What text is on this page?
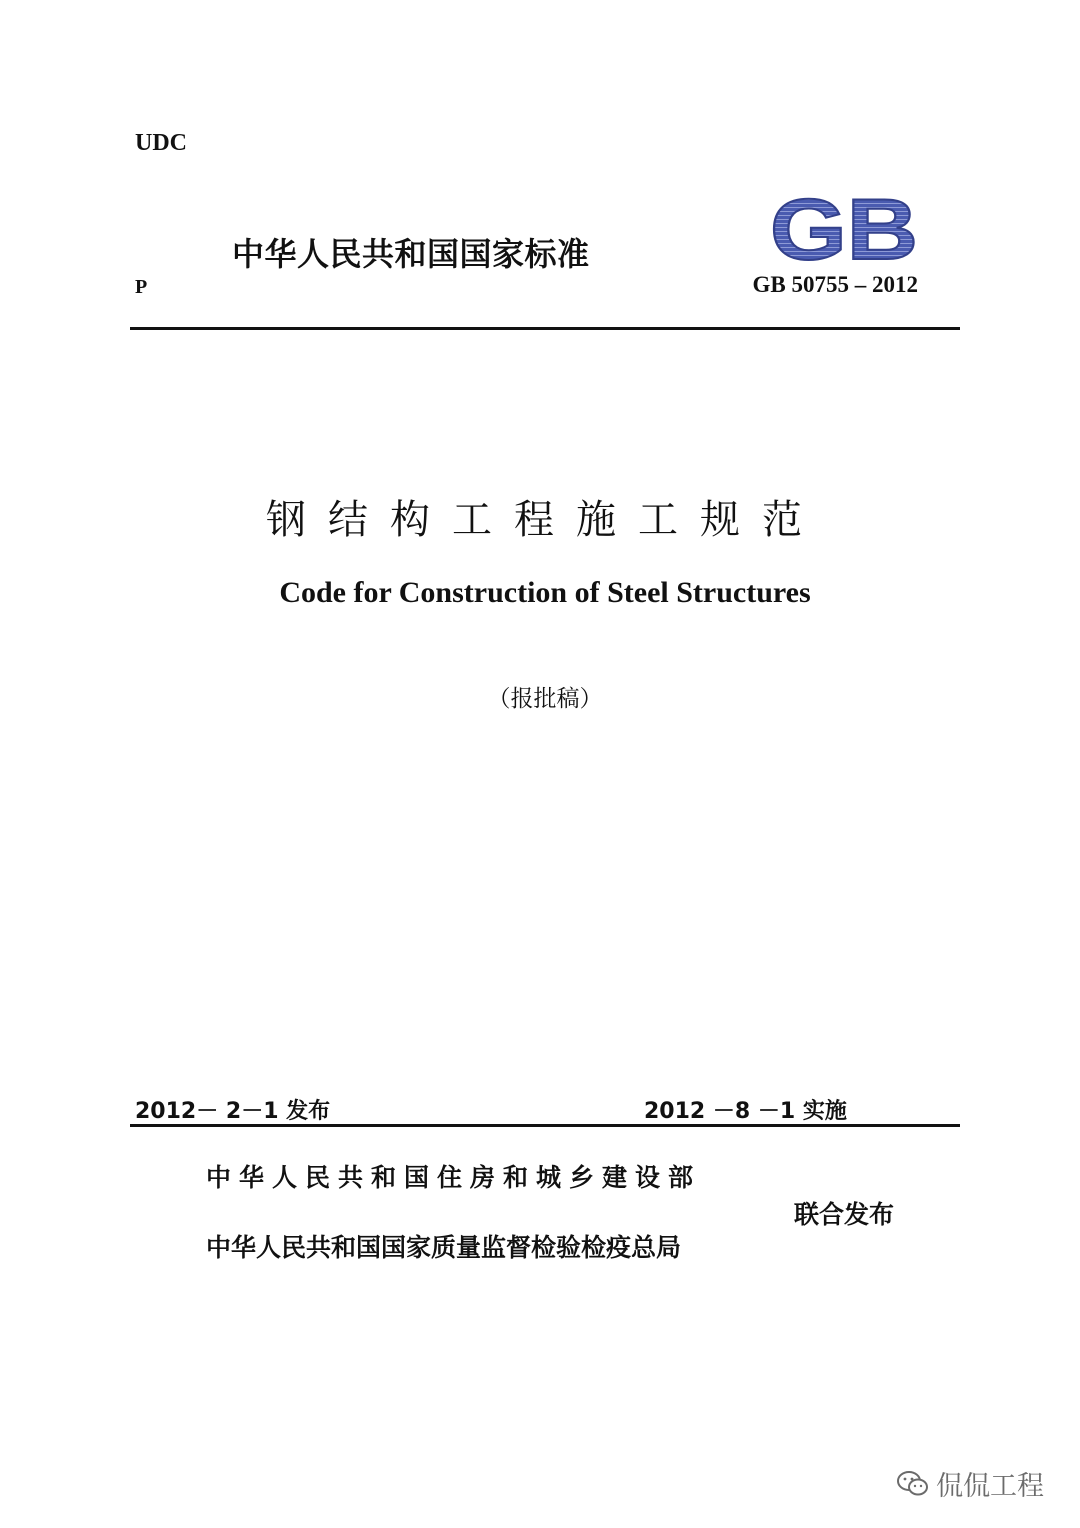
UDC
中华人民共和国国家标准 GB
P	GB 50755 – 2012
钢结构工程施工规范
Code for Construction of Steel Structures
（报批稿）
2012－ 2－1 发布	2012 －8 －1 实施
中华人民共和国住房和城乡建设部
联合发布
中华人民共和国国家质量监督检验检疫总局
侃侃工程
